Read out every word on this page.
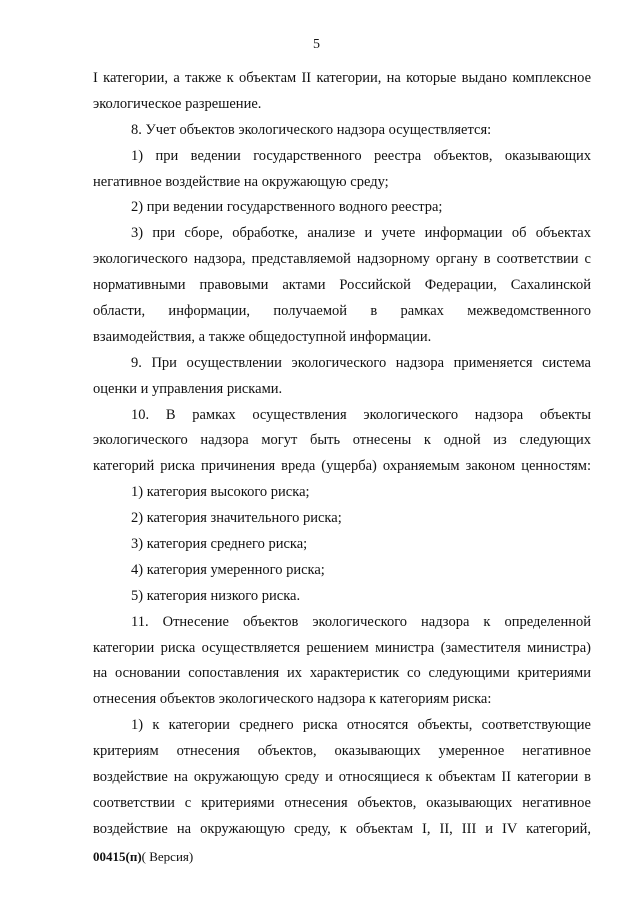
5
I категории, а также к объектам II категории, на которые выдано комплексное
экологическое разрешение.
8. Учет объектов экологического надзора осуществляется:
1) при ведении государственного реестра объектов, оказывающих
негативное воздействие на окружающую среду;
2) при ведении государственного водного реестра;
3) при сборе, обработке, анализе и учете информации об объектах
экологического надзора, представляемой надзорному органу в соответствии с
нормативными правовыми актами Российской Федерации, Сахалинской
области, информации, получаемой в рамках межведомственного
взаимодействия, а также общедоступной информации.
9. При осуществлении экологического надзора применяется система
оценки и управления рисками.
10. В рамках осуществления экологического надзора объекты
экологического надзора могут быть отнесены к одной из следующих
категорий риска причинения вреда (ущерба) охраняемым законом ценностям:
1) категория высокого риска;
2) категория значительного риска;
3) категория среднего риска;
4) категория умеренного риска;
5) категория низкого риска.
11. Отнесение объектов экологического надзора к определенной
категории риска осуществляется решением министра (заместителя министра)
на основании сопоставления их характеристик со следующими критериями
отнесения объектов экологического надзора к категориям риска:
1) к категории среднего риска относятся объекты, соответствующие
критериям отнесения объектов, оказывающих умеренное негативное
воздействие на окружающую среду и относящиеся к объектам II категории в
соответствии с критериями отнесения объектов, оказывающих негативное
воздействие на окружающую среду, к объектам I, II, III и IV категорий,
00415(п)( Версия)
